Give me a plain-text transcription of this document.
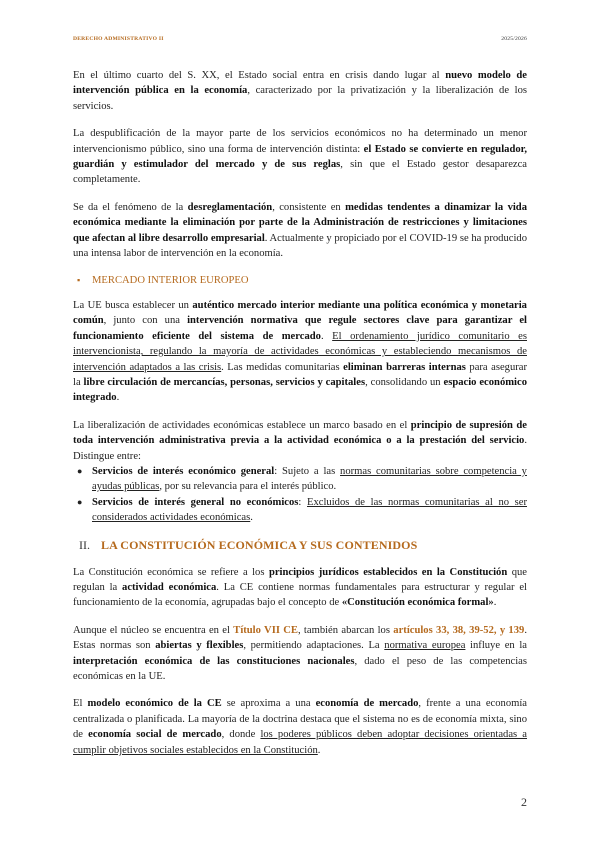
DERECHO ADMINISTRATIVO II	2025/2026

En el último cuarto del S. XX, el Estado social entra en crisis dando lugar al nuevo modelo de intervención pública en la economía, caracterizado por la privatización y la liberalización de los servicios.

La despublificación de la mayor parte de los servicios económicos no ha determinado un menor intervencionismo público, sino una forma de intervención distinta: el Estado se convierte en regulador, guardián y estimulador del mercado y de sus reglas, sin que el Estado gestor desaparezca completamente.

Se da el fenómeno de la desreglamentación, consistente en medidas tendentes a dinamizar la vida económica mediante la eliminación por parte de la Administración de restricciones y limitaciones que afectan al libre desarrollo empresarial. Actualmente y propiciado por el COVID-19 se ha producido una intensa labor de intervención en la economía.

▪	MERCADO INTERIOR EUROPEO

La UE busca establecer un auténtico mercado interior mediante una política económica y monetaria común, junto con una intervención normativa que regule sectores clave para garantizar el funcionamiento eficiente del sistema de mercado. El ordenamiento jurídico comunitario es intervencionista, regulando la mayoría de actividades económicas y estableciendo mecanismos de intervención adaptados a las crisis. Las medidas comunitarias eliminan barreras internas para asegurar la libre circulación de mercancías, personas, servicios y capitales, consolidando un espacio económico integrado.

La liberalización de actividades económicas establece un marco basado en el principio de supresión de toda intervención administrativa previa a la actividad económica o a la prestación del servicio. Distingue entre:

● Servicios de interés económico general: Sujeto a las normas comunitarias sobre competencia y ayudas públicas, por su relevancia para el interés público.

● Servicios de interés general no económicos: Excluidos de las normas comunitarias al no ser considerados actividades económicas.

II. LA CONSTITUCIÓN ECONÓMICA Y SUS CONTENIDOS

La Constitución económica se refiere a los principios jurídicos establecidos en la Constitución que regulan la actividad económica. La CE contiene normas fundamentales para estructurar y regular el funcionamiento de la economía, agrupadas bajo el concepto de «Constitución económica formal».

Aunque el núcleo se encuentra en el Título VII CE, también abarcan los artículos 33, 38, 39-52, y 139. Estas normas son abiertas y flexibles, permitiendo adaptaciones. La normativa europea influye en la interpretación económica de las constituciones nacionales, dado el peso de las competencias económicas en la UE.

El modelo económico de la CE se aproxima a una economía de mercado, frente a una economía centralizada o planificada. La mayoría de la doctrina destaca que el sistema no es de economía mixta, sino de economía social de mercado, donde los poderes públicos deben adoptar decisiones orientadas a cumplir objetivos sociales establecidos en la Constitución.

2
